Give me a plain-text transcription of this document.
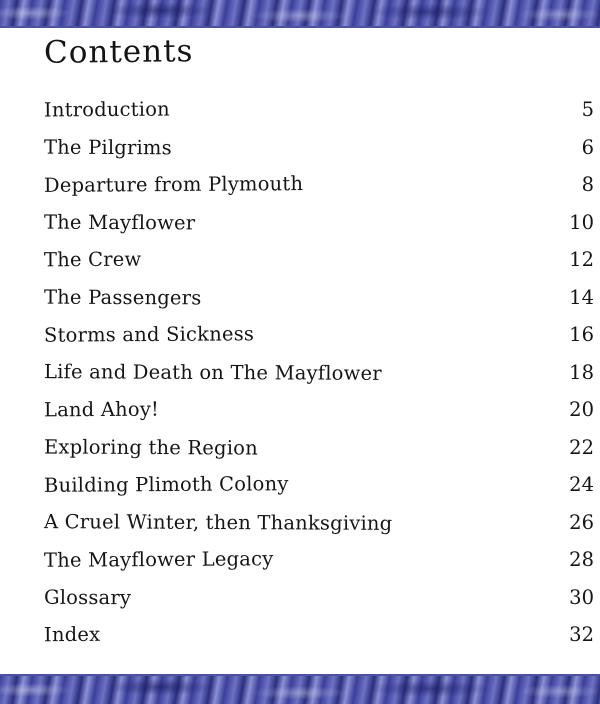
Contents
Introduction	5
The Pilgrims	6
Departure from Plymouth	8
The Mayflower	10
The Crew	12
The Passengers	14
Storms and Sickness	16
Life and Death on The Mayflower	18
Land Ahoy!	20
Exploring the Region	22
Building Plimoth Colony	24
A Cruel Winter, then Thanksgiving	26
The Mayflower Legacy	28
Glossary	30
Index	32
